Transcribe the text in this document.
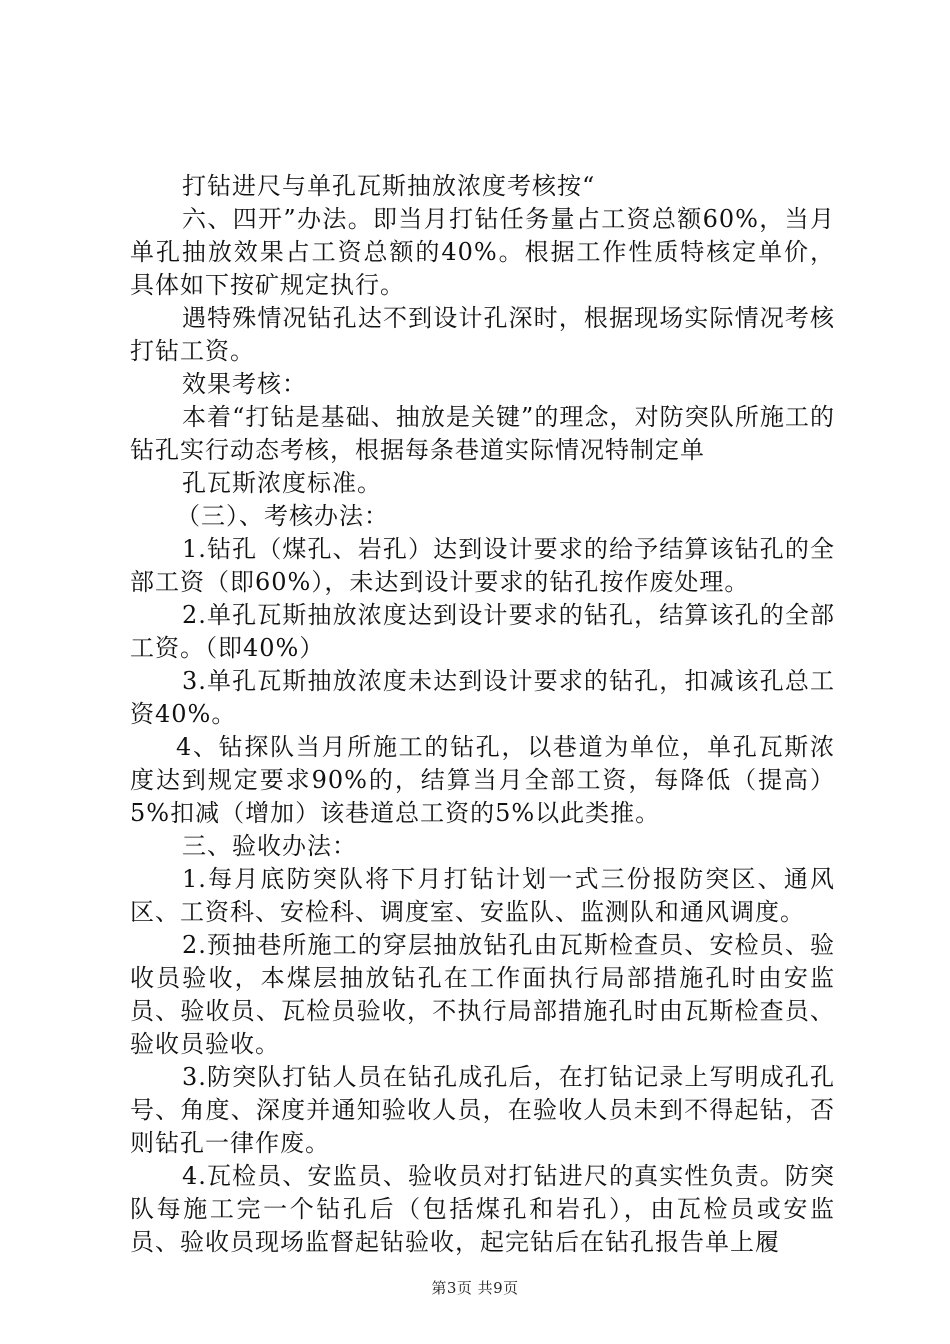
打钻进尺与单孔瓦斯抽放浓度考核按“

六、四开”办法。即当月打钻任务量占工资总额60%，当月单孔抽放效果占工资总额的40%。根据工作性质特核定单价，具体如下按矿规定执行。

遇特殊情况钻孔达不到设计孔深时，根据现场实际情况考核打钻工资。

效果考核：

本着“打钻是基础、抽放是关键”的理念，对防突队所施工的钻孔实行动态考核，根据每条巷道实际情况特制定单

孔瓦斯浓度标准。

（三）、考核办法：

1.钻孔（煤孔、岩孔）达到设计要求的给予结算该钻孔的全部工资（即60%），未达到设计要求的钻孔按作废处理。

2.单孔瓦斯抽放浓度达到设计要求的钻孔，结算该孔的全部工资。（即40%）

3.单孔瓦斯抽放浓度未达到设计要求的钻孔，扣减该孔总工资40%。

4、钻探队当月所施工的钻孔，以巷道为单位，单孔瓦斯浓度达到规定要求90%的，结算当月全部工资，每降低（提高）5%扣减（增加）该巷道总工资的5%以此类推。

三、验收办法：

1.每月底防突队将下月打钻计划一式三份报防突区、通风区、工资科、安检科、调度室、安监队、监测队和通风调度。

2.预抽巷所施工的穿层抽放钻孔由瓦斯检查员、安检员、验收员验收，本煤层抽放钻孔在工作面执行局部措施孔时由安监员、验收员、瓦检员验收，不执行局部措施孔时由瓦斯检查员、验收员验收。

3.防突队打钻人员在钻孔成孔后，在打钻记录上写明成孔孔号、角度、深度并通知验收人员，在验收人员未到不得起钻，否则钻孔一律作废。

4.瓦检员、安监员、验收员对打钻进尺的真实性负责。防突队每施工完一个钻孔后（包括煤孔和岩孔），由瓦检员或安监员、验收员现场监督起钻验收，起完钻后在钻孔报告单上履

第3页 共9页
